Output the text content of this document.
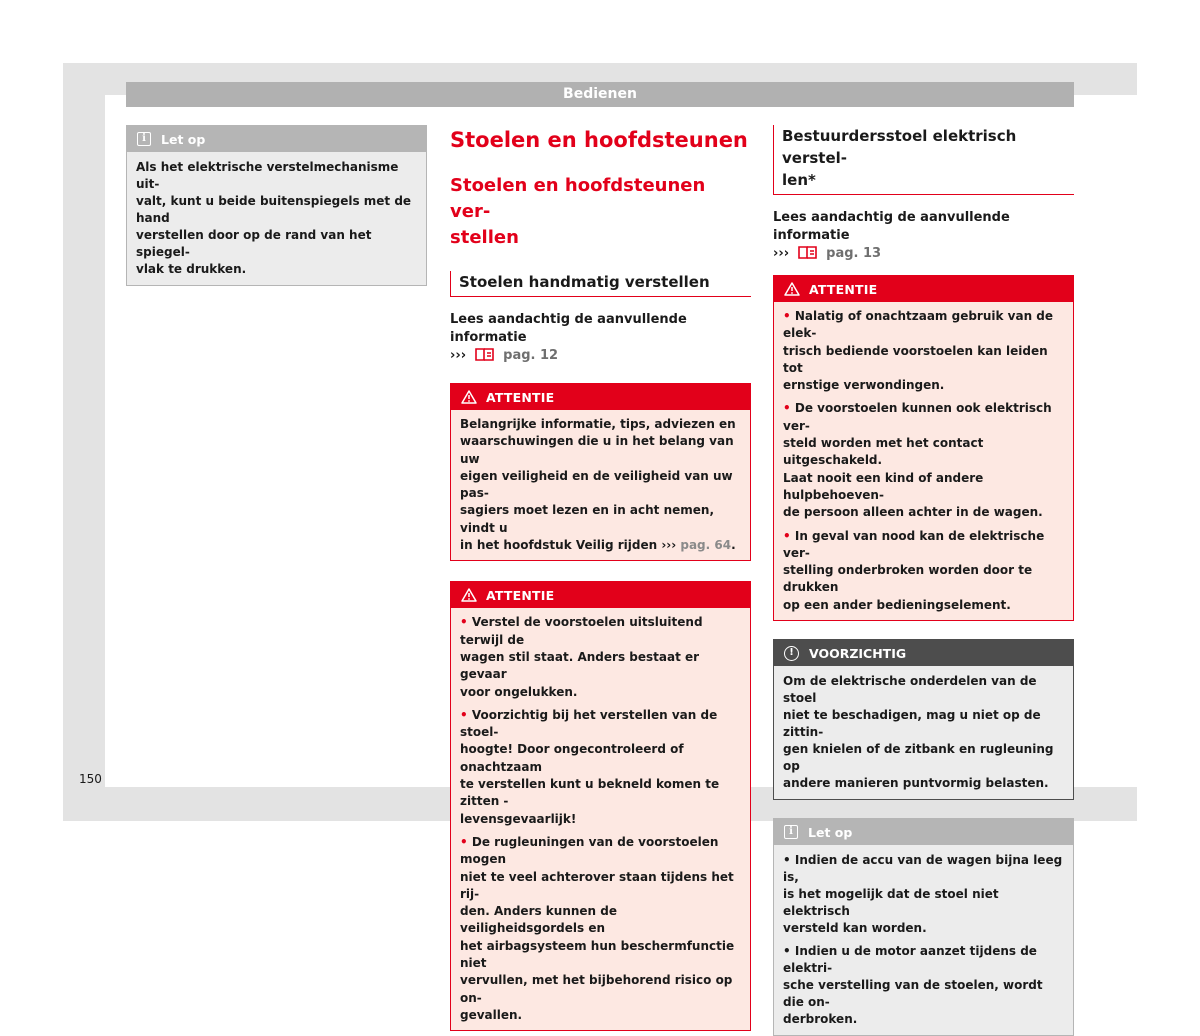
Bedienen
i	Let op
Als het elektrische verstelmechanisme uit-
valt, kunt u beide buitenspiegels met de hand
verstellen door op de rand van het spiegel-
vlak te drukken.
Stoelen en hoofdsteunen
Stoelen en hoofdsteunen ver-
stellen
Stoelen handmatig verstellen
Lees aandachtig de aanvullende informatie
›››	pag. 12
ATTENTIE
Belangrijke informatie, tips, adviezen en
waarschuwingen die u in het belang van uw
eigen veiligheid en de veiligheid van uw pas-
sagiers moet lezen en in acht nemen, vindt u
in het hoofdstuk Veilig rijden ››› pag. 64.
ATTENTIE

• Verstel de voorstoelen uitsluitend terwijl de
wagen stil staat. Anders bestaat er gevaar
voor ongelukken.

• Voorzichtig bij het verstellen van de stoel-
hoogte! Door ongecontroleerd of onachtzaam
te verstellen kunt u bekneld komen te zitten -
levensgevaarlijk!

• De rugleuningen van de voorstoelen mogen
niet te veel achterover staan tijdens het rij-
den. Anders kunnen de veiligheidsgordels en
het airbagsysteem hun beschermfunctie niet
vervullen, met het bijbehorend risico op on-
gevallen.

Bestuurdersstoel elektrisch verstel-
len*
Lees aandachtig de aanvullende informatie
›››	pag. 13
ATTENTIE

• Nalatig of onachtzaam gebruik van de elek-
trisch bediende voorstoelen kan leiden tot
ernstige verwondingen.

• De voorstoelen kunnen ook elektrisch ver-
steld worden met het contact uitgeschakeld.
Laat nooit een kind of andere hulpbehoeven-
de persoon alleen achter in de wagen.

• In geval van nood kan de elektrische ver-
stelling onderbroken worden door te drukken
op een ander bedieningselement.

!	VOORZICHTIG
Om de elektrische onderdelen van de stoel
niet te beschadigen, mag u niet op de zittin-
gen knielen of de zitbank en rugleuning op
andere manieren puntvormig belasten.
i	Let op

• Indien de accu van de wagen bijna leeg is,
is het mogelijk dat de stoel niet elektrisch
versteld kan worden.

• Indien u de motor aanzet tijdens de elektri-
sche verstelling van de stoelen, wordt die on-
derbroken.

150
